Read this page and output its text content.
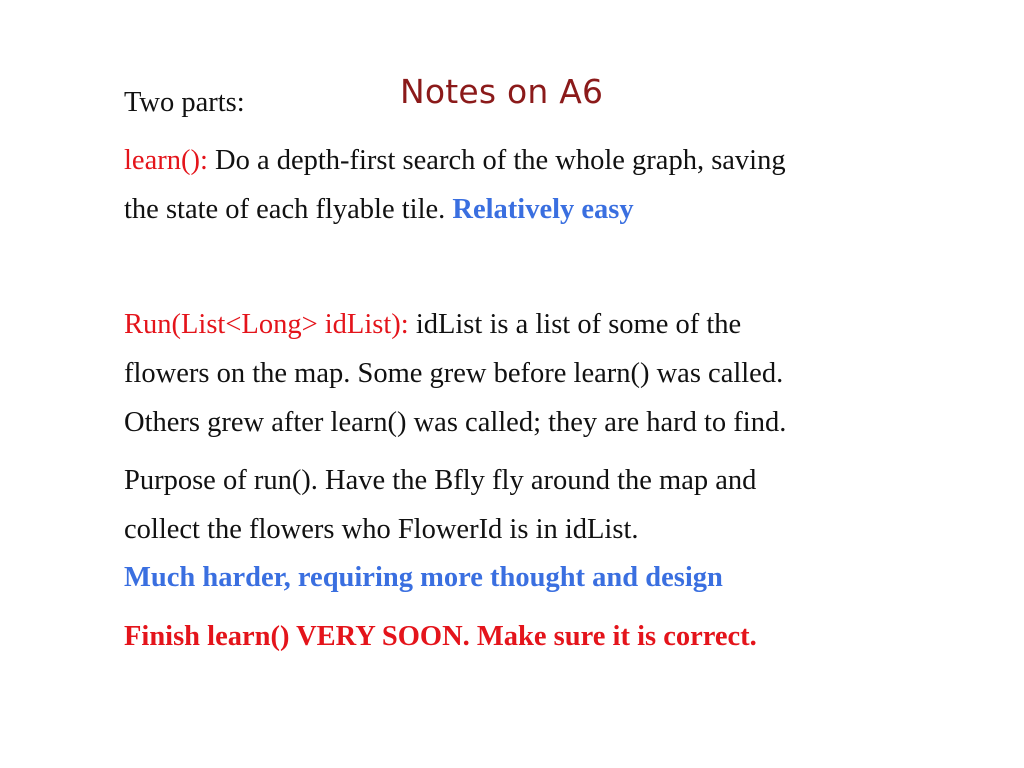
Notes on A6
Two parts:
learn(): Do a depth-first search of the whole graph, saving
the state of each flyable tile. Relatively easy
Run(List<Long> idList): idList is a list of some of the
flowers on the map. Some grew before learn() was called.
Others grew after learn() was called; they are hard to find.
Purpose of run(). Have the Bfly fly around the map and
collect the flowers who FlowerId is in idList.
Much harder, requiring more thought and design
Finish learn() VERY SOON. Make sure it is correct.
